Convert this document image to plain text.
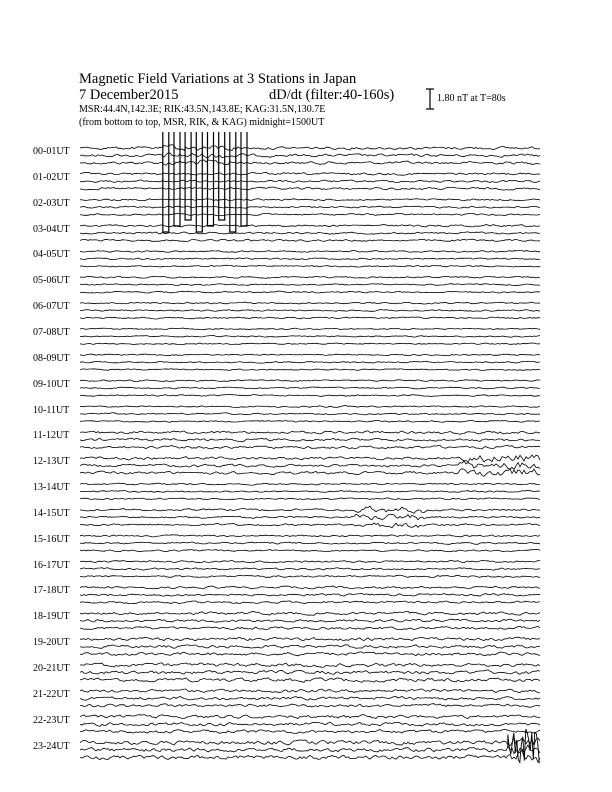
Magnetic Field Variations at 3 Stations in Japan
7 December2015	dD/dt (filter:40-160s)
MSR:44.4N,142.3E; RIK:43.5N,143.8E; KAG:31.5N,130.7E
(from bottom to top, MSR, RIK, & KAG) midnight=1500UT
1.80 nT at T=80s
00-01UT
01-02UT
02-03UT
03-04UT
04-05UT
05-06UT
06-07UT
07-08UT
08-09UT
09-10UT
10-11UT
11-12UT
12-13UT
13-14UT
14-15UT
15-16UT
16-17UT
17-18UT
18-19UT
19-20UT
20-21UT
21-22UT
22-23UT
23-24UT
